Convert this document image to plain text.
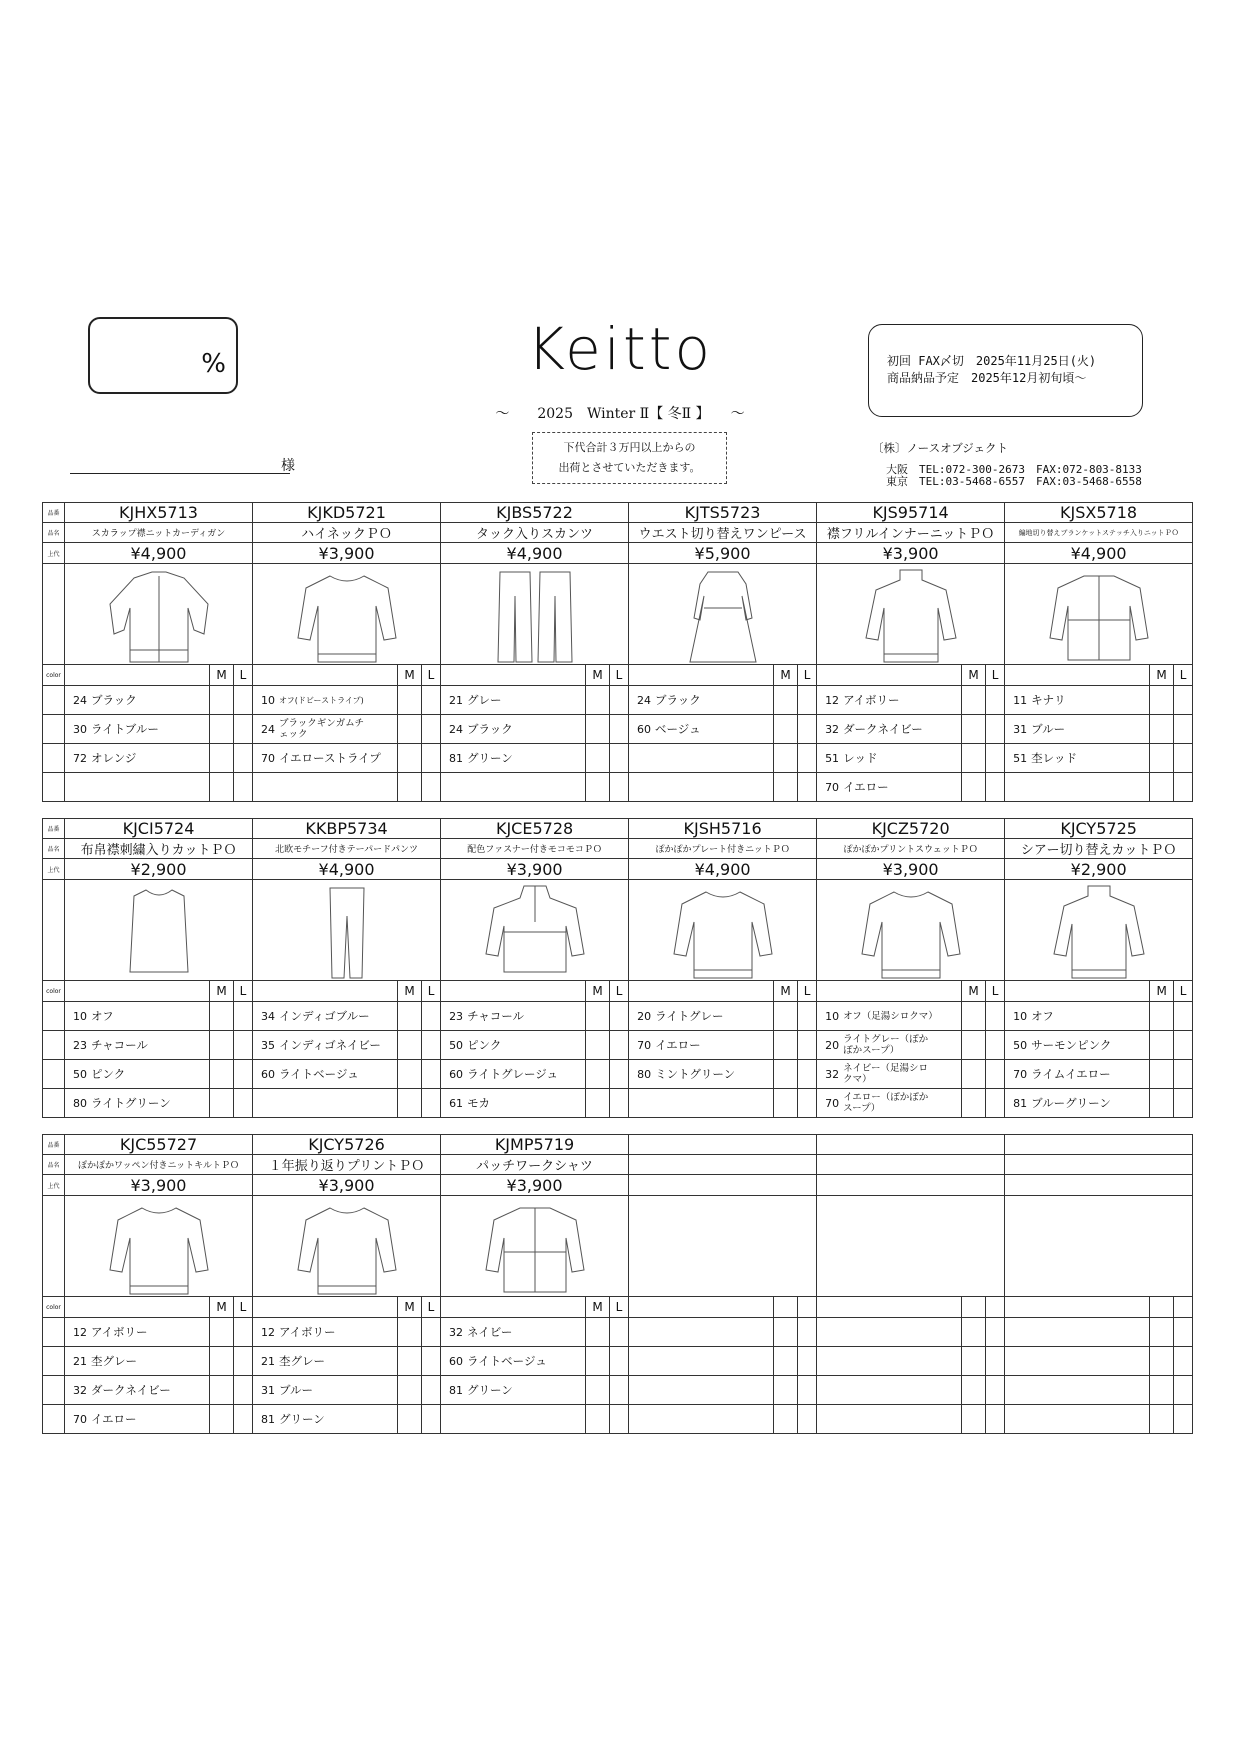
%	Keitto
～　　2025　Winter Ⅱ【 冬Ⅱ 】　　～
下代合計３万円以上からの
出荷とさせていただきます。
初回 FAX〆切　2025年11月25日(火)
商品納品予定　2025年12月初旬頃～
様
〔株〕ノースオブジェクト
大阪　TEL:072-300-2673　FAX:072-803-8133
東京　TEL:03-5468-6557　FAX:03-5468-6558
品番	KJHX5713			KJKD5721			KJBS5722			KJTS5723			KJS95714			KJSX5718		
品名	スカラップ襟ニットカーディガン			ハイネックＰＯ			タック入りスカンツ			ウエスト切り替えワンピース			襟フリルインナーニットＰＯ			編地切り替えブランケットステッチ入りニットＰＯ		
上代	¥4,900			¥3,900			¥4,900			¥5,900			¥3,900			¥4,900		

color		M	L		M	L		M	L		M	L		M	L		M	L
	24 ブラック			10 オフ(ドビーストライプ)			21 グレー			24 ブラック			12 アイボリー			11 キナリ		
	30 ライトブルー			24 ブラックギンガムチェック			24 ブラック			60 ベージュ			32 ダークネイビー			31 ブルー		
	72 オレンジ			70 イエローストライプ			81 グリーン						51 レッド			51 杢レッド		
													70 イエロー					
品番	KJCI5724			KKBP5734			KJCE5728			KJSH5716			KJCZ5720			KJCY5725		
品名	布帛襟刺繍入りカットＰＯ			北欧モチーフ付きテーパードパンツ			配色ファスナー付きモコモコＰＯ			ぽかぽかプレート付きニットＰＯ			ぽかぽかプリントスウェットＰＯ			シアー切り替えカットＰＯ		
上代	¥2,900			¥4,900			¥3,900			¥4,900			¥3,900			¥2,900		

color		M	L		M	L		M	L		M	L		M	L		M	L
	10 オフ			34 インディゴブルー			23 チャコール			20 ライトグレー			10 オフ（足湯シロクマ）			10 オフ		
	23 チャコール			35 インディゴネイビー			50 ピンク			70 イエロー			20 ライトグレー（ぽかぽかスープ）			50 サーモンピンク		
	50 ピンク			60 ライトベージュ			60 ライトグレージュ			80 ミントグリーン			32 ネイビー（足湯シロクマ）			70 ライムイエロー		
	80 ライトグリーン						61 モカ						70 イエロー（ぽかぽかスープ）			81 ブルーグリーン		
品番	KJC55727			KJCY5726			KJMP5719											
品名	ぽかぽかワッペン付きニットキルトＰＯ			１年振り返りプリントＰＯ			パッチワークシャツ											
上代	¥3,900			¥3,900			¥3,900											

color		M	L		M	L		M	L									
	12 アイボリー			12 アイボリー			32 ネイビー											
	21 杢グレー			21 杢グレー			60 ライトベージュ											
	32 ダークネイビー			31 ブルー			81 グリーン											
	70 イエロー			81 グリーン														
